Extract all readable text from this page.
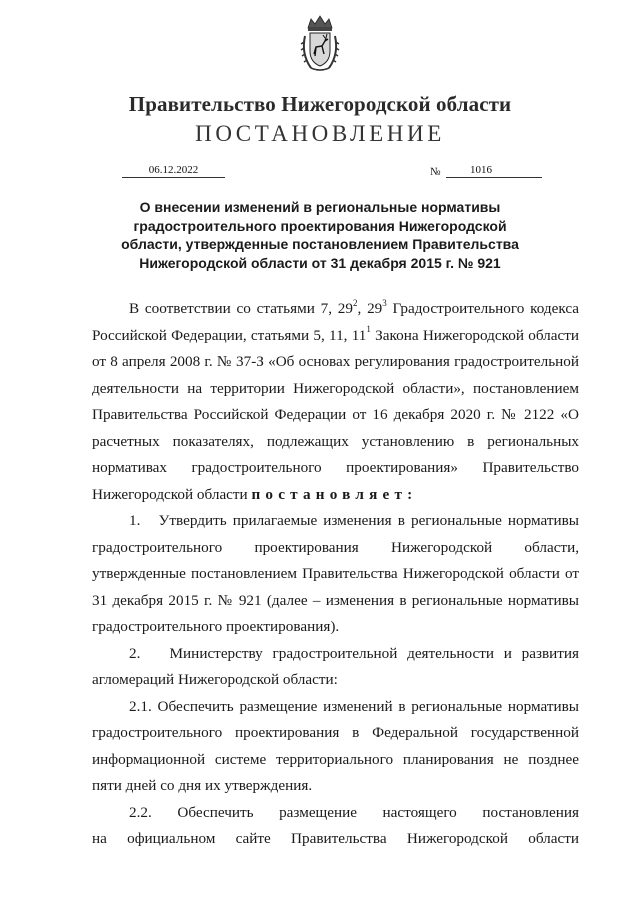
Правительство Нижегородской области
ПОСТАНОВЛЕНИЕ
06.12.2022	№	1016
О внесении изменений в региональные нормативы
градостроительного проектирования Нижегородской
области, утвержденные постановлением Правительства
Нижегородской области от 31 декабря 2015 г. № 921

В соответствии со статьями 7, $29^2$, $29^3$ Градостроительного кодекса Российской Федерации, статьями 5, 11, $11^1$ Закона Нижегородской области от 8 апреля 2008 г. № 37-З «Об основах регулирования градостроительной деятельности на территории Нижегородской области», постановлением Правительства Российской Федерации от 16 декабря 2020 г. № 2122 «О расчетных показателях, подлежащих установлению в региональных нормативах градостроительного проектирования» Правительство Нижегородской области постановляет:

1.   Утвердить прилагаемые изменения в региональные нормативы градостроительного проектирования Нижегородской области, утвержденные постановлением Правительства Нижегородской области от 31 декабря 2015 г. № 921 (далее – изменения в региональные нормативы градостроительного проектирования).

2.   Министерству градостроительной деятельности и развития агломераций Нижегородской области:

2.1. Обеспечить размещение изменений в региональные нормативы градостроительного проектирования в Федеральной государственной информационной системе территориального планирования не позднее пяти дней со дня их утверждения.

2.2. Обеспечить размещение настоящего постановления

на официальном сайте Правительства Нижегородской области
